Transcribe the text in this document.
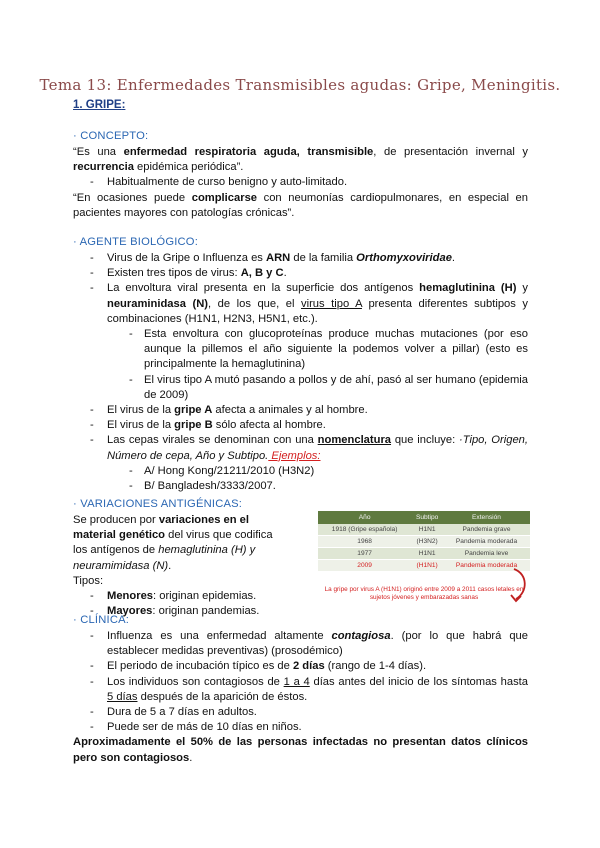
Tema 13: Enfermedades Transmisibles agudas: Gripe, Meningitis.
1. GRIPE:
· CONCEPTO:

“Es una enfermedad respiratoria aguda, transmisible, de presentación invernal y recurrencia epidémica periódica”.

- Habitualmente de curso benigno y auto-limitado.

“En ocasiones puede complicarse con neumonías cardiopulmonares, en especial en pacientes mayores con patologías crónicas”.

· AGENTE BIOLÓGICO:
- Virus de la Gripe o Influenza es ARN de la familia Orthomyxoviridae.
- Existen tres tipos de virus: A, B y C.
- La envoltura viral presenta en la superficie dos antígenos hemaglutinina (H) y neuraminidasa (N), de los que, el virus tipo A presenta diferentes subtipos y combinaciones (H1N1, H2N3, H5N1, etc.).
- Esta envoltura con glucoproteínas produce muchas mutaciones (por eso aunque la pillemos el año siguiente la podemos volver a pillar) (esto es principalmente la hemaglutinina)
- El virus tipo A mutó pasando a pollos y de ahí, pasó al ser humano (epidemia de 2009)
- El virus de la gripe A afecta a animales y al hombre.
- El virus de la gripe B sólo afecta al hombre.
- Las cepas virales se denominan con una nomenclatura que incluye: ·Tipo, Origen, Número de cepa, Año y Subtipo. Ejemplos:
- A/ Hong Kong/21211/2010 (H3N2)
- B/ Bangladesh/3333/2007.
· VARIACIONES ANTIGÉNICAS:

Se producen por variaciones en el material genético del virus que codifica los antígenos de hemaglutinina (H) y neuramimidasa (N).

Tipos:

- Menores: originan epidemias.
- Mayores: originan pandemias.
Año	Subtipo	Extensión
1918 (Gripe española)	H1N1	Pandemia grave
1968	(H3N2)	Pandemia moderada
1977	H1N1	Pandemia leve
2009	(H1N1)	Pandemia moderada
La gripe por virus A (H1N1) originó entre 2009 a 2011 casos letales en sujetos jóvenes y embarazadas sanas
· CLÍNICA:
- Influenza es una enfermedad altamente contagiosa. (por lo que habrá que establecer medidas preventivas) (prosodémico)
- El periodo de incubación típico es de 2 días (rango de 1-4 días).
- Los individuos son contagiosos de 1 a 4 días antes del inicio de los síntomas hasta 5 días después de la aparición de éstos.
- Dura de 5 a 7 días en adultos.
- Puede ser de más de 10 días en niños.

Aproximadamente el 50% de las personas infectadas no presentan datos clínicos pero son contagiosos.
